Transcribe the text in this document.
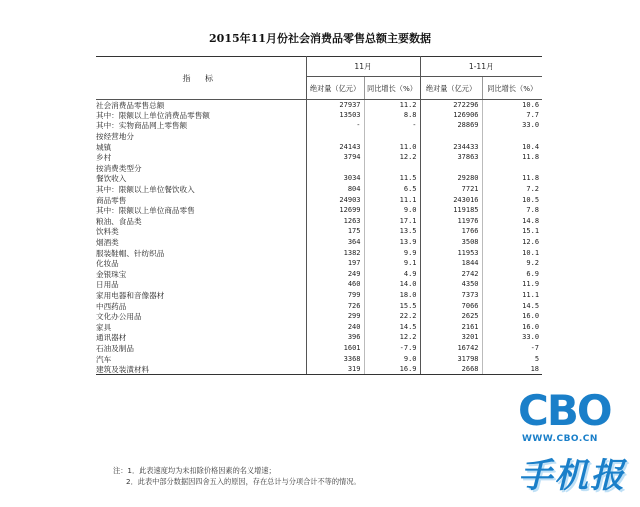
2015年11月份社会消费品零售总额主要数据
指 标	11月		1-11月	
	绝对量（亿元）	同比增长（%）	绝对量（亿元）	同比增长（%）
社会消费品零售总额	27937	11.2	272296	10.6
其中：限额以上单位消费品零售额	13503	8.8	126906	7.7
其中：实物商品网上零售额	-	-	28869	33.0
按经营地分				
城镇	24143	11.0	234433	10.4
乡村	3794	12.2	37863	11.8
按消费类型分				
餐饮收入	3034	11.5	29280	11.8
其中：限额以上单位餐饮收入	804	6.5	7721	7.2
商品零售	24903	11.1	243016	10.5
其中：限额以上单位商品零售	12699	9.0	119185	7.8
粮油、食品类	1263	17.1	11976	14.8
饮料类	175	13.5	1766	15.1
烟酒类	364	13.9	3508	12.6
服装鞋帽、针纺织品	1382	9.9	11953	10.1
化妆品	197	9.1	1844	9.2
金银珠宝	249	4.9	2742	6.9
日用品	460	14.0	4350	11.9
家用电器和音像器材	799	18.0	7373	11.1
中西药品	726	15.5	7066	14.5
文化办公用品	299	22.2	2625	16.0
家具	240	14.5	2161	16.0
通讯器材	396	12.2	3201	33.0
石油及制品	1601	-7.9	16742	-7
汽车	3368	9.0	31798	5
建筑及装潢材料	319	16.9	2668	18
注：1．此表速度均为未扣除价格因素的名义增速；
2．此表中部分数据因四舍五入的原因，存在总计与分项合计不等的情况。
CBO
WWW.CBO.CN
手机报
